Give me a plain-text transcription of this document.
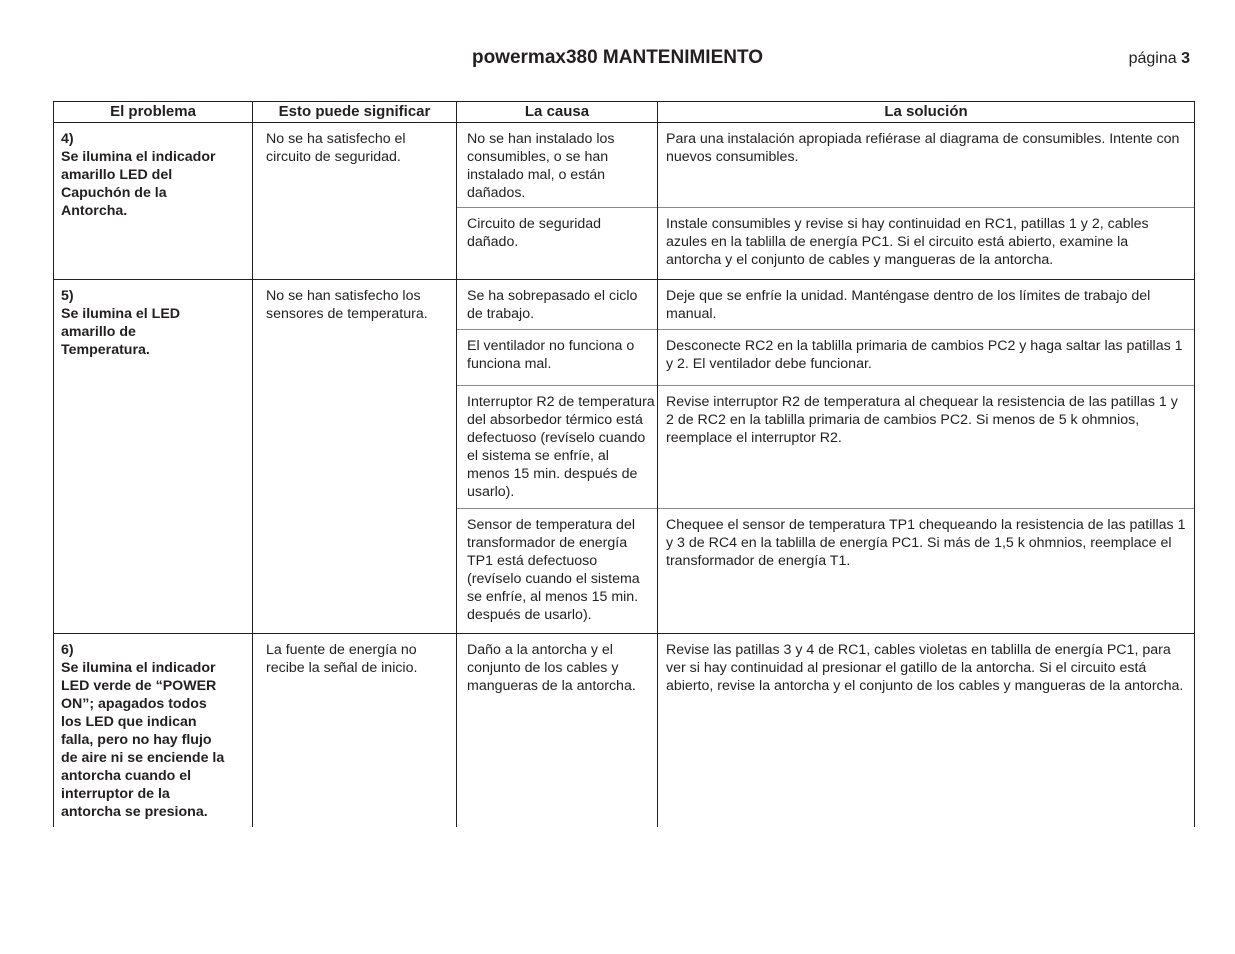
powermax380 MANTENIMIENTO	página 3
El problema	Esto puede significar	La causa	La solución
4)Se ilumina el indicador amarillo LED del Capuchón de la Antorcha.	No se ha satisfecho el circuito de seguridad.	No se han instalado los consumibles, o se han instalado mal, o están dañados.	Para una instalación apropiada refiérase al diagrama de consumibles. Intente con nuevos consumibles.
		Circuito de seguridad dañado.	Instale consumibles y revise si hay continuidad en RC1, patillas 1 y 2, cables azules en la tablilla de energía PC1. Si el circuito está abierto, examine la antorcha y el conjunto de cables y mangueras de la antorcha.
5)Se ilumina el LED amarillo de Temperatura.	No se han satisfecho los sensores de temperatura.	Se ha sobrepasado el ciclo de trabajo.	Deje que se enfríe la unidad. Manténgase dentro de los límites de trabajo del manual.
		El ventilador no funciona o funciona mal.	Desconecte RC2 en la tablilla primaria de cambios PC2 y haga saltar las patillas 1 y 2. El ventilador debe funcionar.
		Interruptor R2 de temperatura del absorbedor térmico está defectuoso (revíselo cuando el sistema se enfríe, al menos 15 min. después de usarlo).	Revise interruptor R2 de temperatura al chequear la resistencia de las patillas 1 y 2 de RC2 en la tablilla primaria de cambios PC2. Si menos de 5 k ohmnios, reemplace el interruptor R2.
		Sensor de temperatura del transformador de energía TP1 está defectuoso (revíselo cuando el sistema se enfríe, al menos 15 min. después de usarlo).	Chequee el sensor de temperatura TP1 chequeando la resistencia de las patillas 1 y 3 de RC4 en la tablilla de energía PC1. Si más de 1,5 k ohmnios, reemplace el transformador de energía T1.
6)Se ilumina el indicador LED verde de “POWER ON”; apagados todos los LED que indican falla, pero no hay flujo de aire ni se enciende la antorcha cuando el interruptor de la antorcha se presiona.	La fuente de energía no recibe la señal de inicio.	Daño a la antorcha y el conjunto de los cables y mangueras de la antorcha.	Revise las patillas 3 y 4 de RC1, cables violetas en tablilla de energía PC1, para ver si hay continuidad al presionar el gatillo de la antorcha. Si el circuito está abierto, revise la antorcha y el conjunto de los cables y mangueras de la antorcha.
